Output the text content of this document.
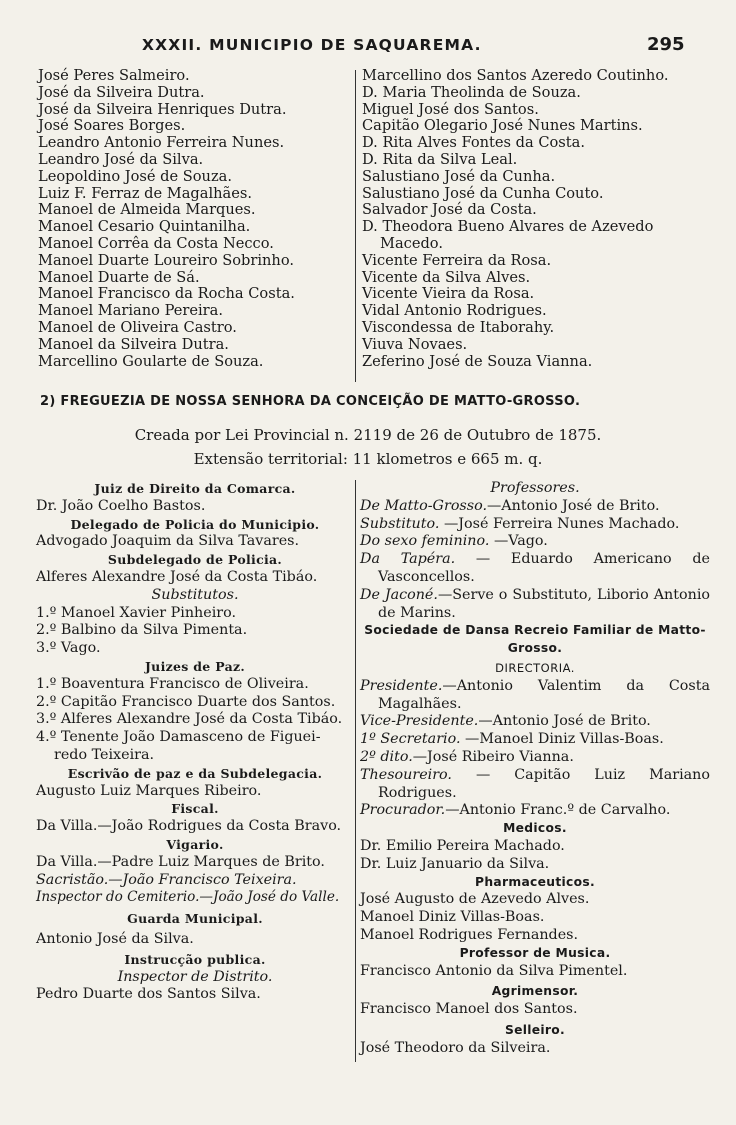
XXXII. MUNICIPIO DE SAQUAREMA.	295
José Peres Salmeiro.
José da Silveira Dutra.
José da Silveira Henriques Dutra.
José Soares Borges.
Leandro Antonio Ferreira Nunes.
Leandro José da Silva.
Leopoldino José de Souza.
Luiz F. Ferraz de Magalhães.
Manoel de Almeida Marques.
Manoel Cesario Quintanilha.
Manoel Corrêa da Costa Necco.
Manoel Duarte Loureiro Sobrinho.
Manoel Duarte de Sá.
Manoel Francisco da Rocha Costa.
Manoel Mariano Pereira.
Manoel de Oliveira Castro.
Manoel da Silveira Dutra.
Marcellino Goularte de Souza.
Marcellino dos Santos Azeredo Coutinho.
D. Maria Theolinda de Souza.
Miguel José dos Santos.
Capitão Olegario José Nunes Martins.
D. Rita Alves Fontes da Costa.
D. Rita da Silva Leal.
Salustiano José da Cunha.
Salustiano José da Cunha Couto.
Salvador José da Costa.
D. Theodora Bueno Alvares de Azevedo
Macedo.
Vicente Ferreira da Rosa.
Vicente da Silva Alves.
Vicente Vieira da Rosa.
Vidal Antonio Rodrigues.
Viscondessa de Itaborahy.
Viuva Novaes.
Zeferino José de Souza Vianna.
2) FREGUEZIA DE NOSSA SENHORA DA CONCEIÇÃO DE MATTO-GROSSO.
Creada por Lei Provincial n. 2119 de 26 de Outubro de 1875.
Extensão territorial: 11 klometros e 665 m. q.
Juiz de Direito da Comarca.
Dr. João Coelho Bastos.
Delegado de Policia do Municipio.
Advogado Joaquim da Silva Tavares.
Subdelegado de Policia.
Alferes Alexandre José da Costa Tibáo.
Substitutos.
1.º Manoel Xavier Pinheiro.
2.º Balbino da Silva Pimenta.
3.º Vago.
Juizes de Paz.
1.º Boaventura Francisco de Oliveira.
2.º Capitão Francisco Duarte dos Santos.
3.º Alferes Alexandre José da Costa Tibáo.
4.º Tenente João Damasceno de Figuei-
redo Teixeira.
Escrivão de paz e da Subdelegacia.
Augusto Luiz Marques Ribeiro.
Fiscal.
Da Villa.—João Rodrigues da Costa Bravo.
Vigario.
Da Villa.—Padre Luiz Marques de Brito.
Sacristão.—João Francisco Teixeira.
Inspector do Cemiterio.—João José do Valle.
Guarda Municipal.
Antonio José da Silva.
Instrucção publica.
Inspector de Distrito.
Pedro Duarte dos Santos Silva.
Professores.
De Matto-Grosso.—Antonio José de Brito.
Substituto. —José Ferreira Nunes Machado.
Do sexo feminino. —Vago.
Da Tapéra. — Eduardo Americano de Vasconcellos.
De Jaconé.—Serve o Substituto, Liborio Antonio de Marins.
Sociedade de Dansa Recreio Familiar de Matto-Grosso.
DIRECTORIA.
Presidente.—Antonio Valentim da Costa Magalhães.
Vice-Presidente.—Antonio José de Brito.
1º Secretario. —Manoel Diniz Villas-Boas.
2º dito.—José Ribeiro Vianna.
Thesoureiro. — Capitão Luiz Mariano Rodrigues.
Procurador.—Antonio Franc.º de Carvalho.
Medicos.
Dr. Emilio Pereira Machado.
Dr. Luiz Januario da Silva.
Pharmaceuticos.
José Augusto de Azevedo Alves.
Manoel Diniz Villas-Boas.
Manoel Rodrigues Fernandes.
Professor de Musica.
Francisco Antonio da Silva Pimentel.
Agrimensor.
Francisco Manoel dos Santos.
Selleiro.
José Theodoro da Silveira.
